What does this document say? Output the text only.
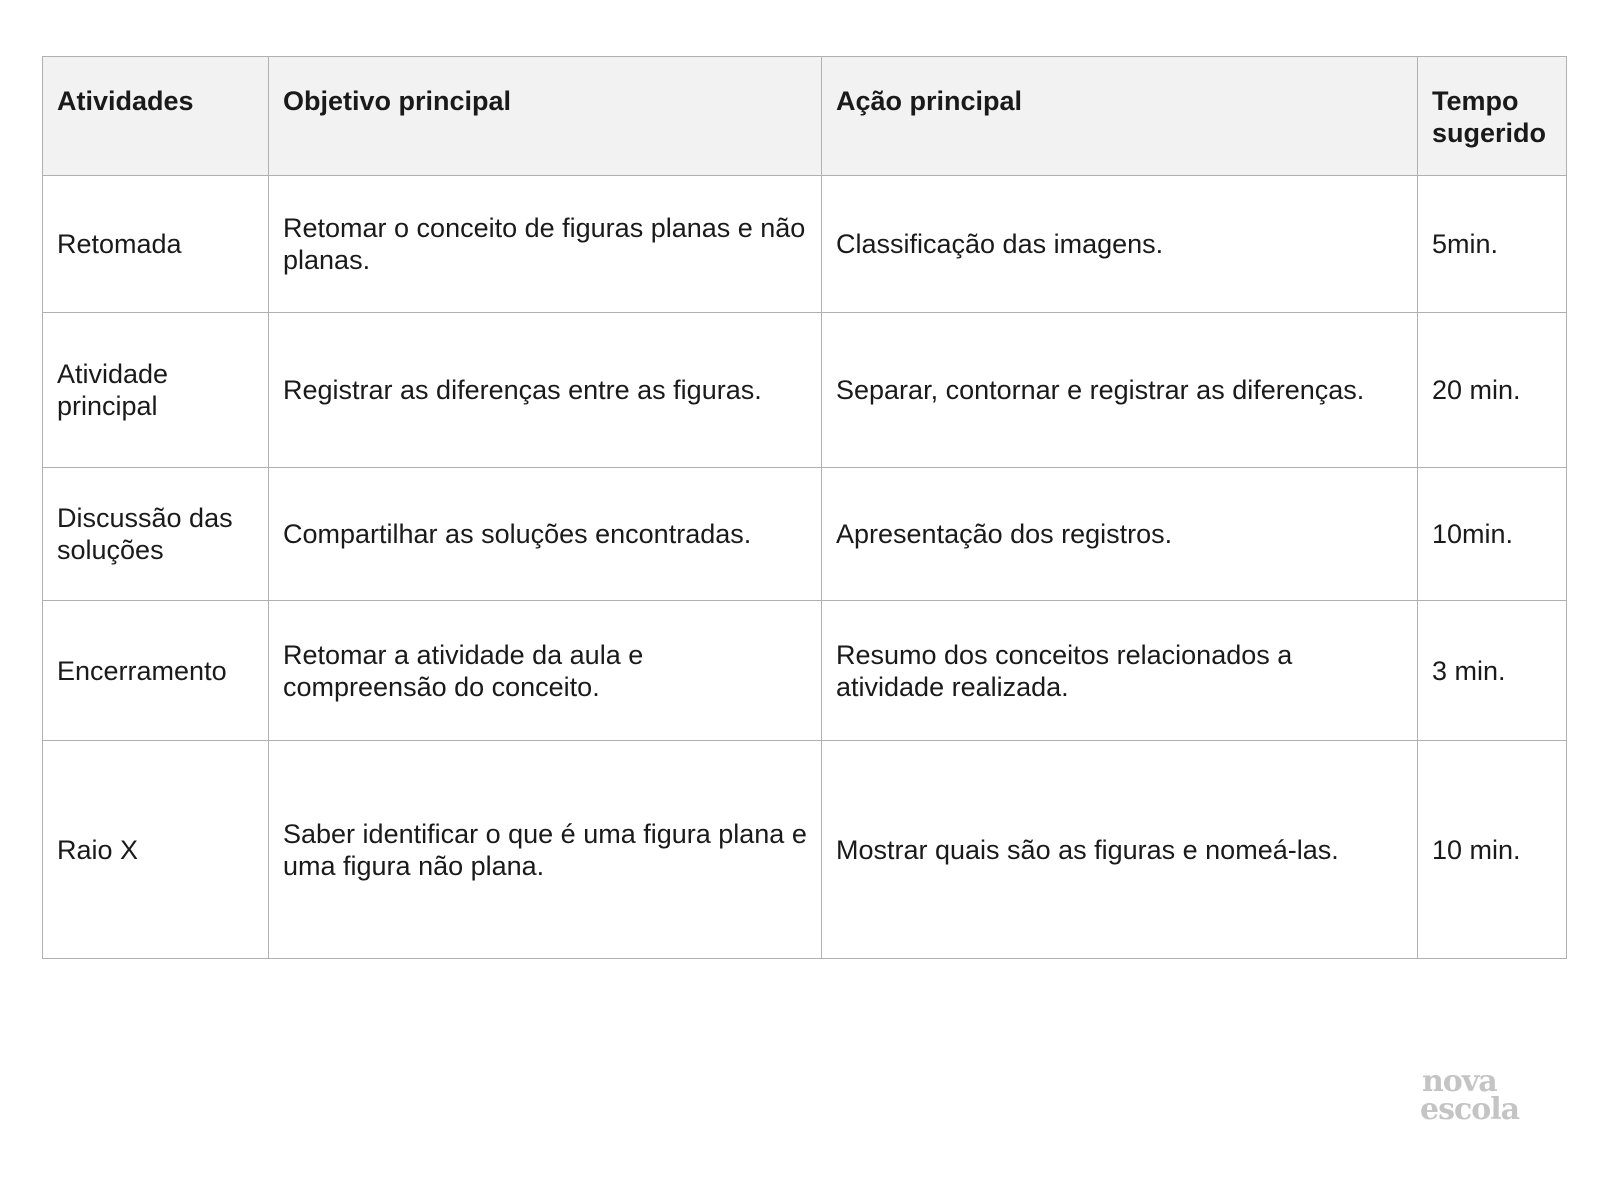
Atividades	Objetivo principal	Ação principal	Tempo sugerido
Retomada	Retomar o conceito de figuras planas e não planas.	Classificação das imagens.	5min.
Atividade principal	Registrar as diferenças entre as figuras.	Separar, contornar e registrar as diferenças.	20 min.
Discussão das soluções	Compartilhar as soluções encontradas.	Apresentação dos registros.	10min.
Encerramento	Retomar a atividade da aula e compreensão do conceito.	Resumo dos conceitos relacionados a atividade realizada.	3 min.
Raio X	Saber identificar o que é uma figura plana e uma figura não plana.	Mostrar quais são as figuras e nomeá-las.	10 min.
nova
escola
